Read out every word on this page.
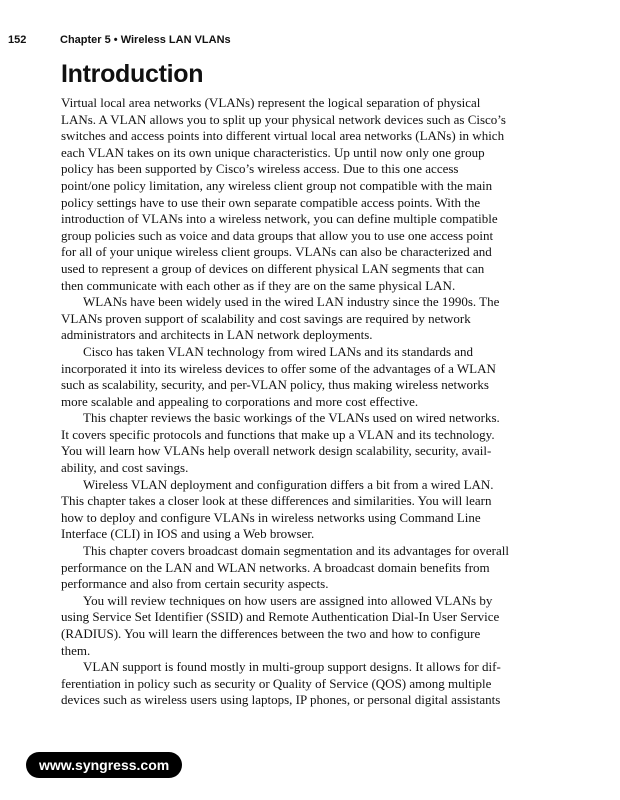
152	Chapter 5 • Wireless LAN VLANs
Introduction
Virtual local area networks (VLANs) represent the logical separation of physical
LANs. A VLAN allows you to split up your physical network devices such as Cisco’s
switches and access points into different virtual local area networks (LANs) in which
each VLAN takes on its own unique characteristics. Up until now only one group
policy has been supported by Cisco’s wireless access. Due to this one access
point/one policy limitation, any wireless client group not compatible with the main
policy settings have to use their own separate compatible access points. With the
introduction of VLANs into a wireless network, you can define multiple compatible
group policies such as voice and data groups that allow you to use one access point
for all of your unique wireless client groups. VLANs can also be characterized and
used to represent a group of devices on different physical LAN segments that can
then communicate with each other as if they are on the same physical LAN.
WLANs have been widely used in the wired LAN industry since the 1990s. The
VLANs proven support of scalability and cost savings are required by network
administrators and architects in LAN network deployments.
Cisco has taken VLAN technology from wired LANs and its standards and
incorporated it into its wireless devices to offer some of the advantages of a WLAN
such as scalability, security, and per-VLAN policy, thus making wireless networks
more scalable and appealing to corporations and more cost effective.
This chapter reviews the basic workings of the VLANs used on wired networks.
It covers specific protocols and functions that make up a VLAN and its technology.
You will learn how VLANs help overall network design scalability, security, avail-
ability, and cost savings.
Wireless VLAN deployment and configuration differs a bit from a wired LAN.
This chapter takes a closer look at these differences and similarities. You will learn
how to deploy and configure VLANs in wireless networks using Command Line
Interface (CLI) in IOS and using a Web browser.
This chapter covers broadcast domain segmentation and its advantages for overall
performance on the LAN and WLAN networks. A broadcast domain benefits from
performance and also from certain security aspects.
You will review techniques on how users are assigned into allowed VLANs by
using Service Set Identifier (SSID) and Remote Authentication Dial-In User Service
(RADIUS). You will learn the differences between the two and how to configure
them.
VLAN support is found mostly in multi-group support designs. It allows for dif-
ferentiation in policy such as security or Quality of Service (QOS) among multiple
devices such as wireless users using laptops, IP phones, or personal digital assistants
www.syngress.com
